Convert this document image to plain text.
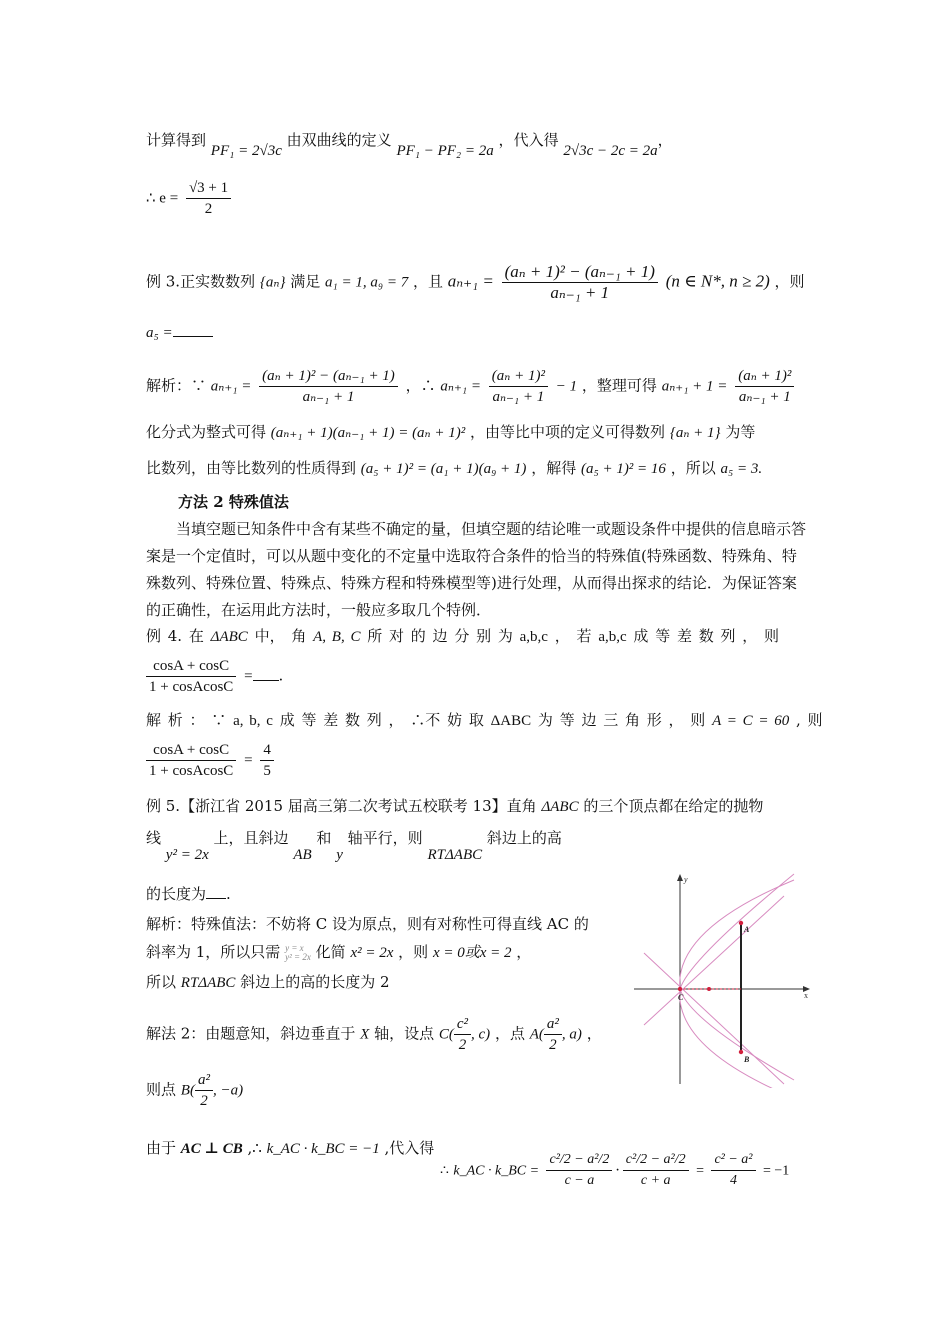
计算得到 PF₁ = 2√3c 由双曲线的定义 PF₁ − PF₂ = 2a ，代入得 2√3c − 2c = 2a，
∴ $e = \frac{√3 + 1}{2}$
例 3.正实数数列 {aₙ} 满足 a₁ = 1, a₉ = 7 ，且 $a_{n+1} = \frac{\text{(aₙ + 1)² − (aₙ₋₁ + 1)}}{\text{aₙ₋₁ + 1}} (n$ ∈ N*, n ≥ 2) ，则
a₅ =
解析：∵ $a_{n+1} = \frac{\text{(aₙ + 1)² − (aₙ₋₁ + 1)}}{\text{aₙ₋₁ + 1}}$ ，∴ $a_{n+1} = \frac{\text{(aₙ + 1)²}}{\text{aₙ₋₁ + 1}} - 1$ ，整理可得 $a_{n+1} + 1 = \frac{\text{(aₙ + 1)²}}{\text{aₙ₋₁ + 1}}$
化分式为整式可得 (aₙ₊₁ + 1)(aₙ₋₁ + 1) = (aₙ + 1)² ，由等比中项的定义可得数列 {aₙ + 1} 为等
比数列，由等比数列的性质得到 (a₅ + 1)² = (a₁ + 1)(a₉ + 1) ，解得 (a₅ + 1)² = 16 ，所以 a₅ = 3.
方法 2 特殊值法
当填空题已知条件中含有某些不确定的量，但填空题的结论唯一或题设条件中提供的信息暗示答案是一个定值时，可以从题中变化的不定量中选取符合条件的恰当的特殊值(特殊函数、特殊角、特殊数列、特殊位置、特殊点、特殊方程和特殊模型等)进行处理，从而得出探求的结论．为保证答案的正确性，在运用此方法时，一般应多取几个特例．
例 4. 在 ΔABC 中， 角 A, B, C 所 对 的 边 分 别 为 a,b,c ， 若 a,b,c 成 等 差 数 列 ， 则
$\frac{\cos A + \cos C}{\text{1 + cosAcosC}}$ = .
解 析 ： ∵ a, b, c 成 等 差 数 列 ， ∴不 妨 取 ΔABC 为 等 边 三 角 形 ， 则 A = C = 60 , 则
$\frac{\cos A + \cos C}{\text{1 + cosAcosC}} = \frac{4}{5}$
例 5.【浙江省 2015 届高三第二次考试五校联考 13】直角 ΔABC 的三个顶点都在给定的抛物
线 y² = 2x 上，且斜边 AB 和 y 轴平行，则 RTΔABC 斜边上的高
的长度为 .
解析：特殊值法：不妨将 C 设为原点，则有对称性可得直线 AC 的
斜率为 1，所以只需 y = x
y² = 2x 化简 x² = 2x ，则 x = 0或x = 2 ，
所以 RTΔABC 斜边上的高的长度为 2
解法 2：由题意知，斜边垂直于 X 轴，设点 $C( \frac{\text{c²}}{2}$ , c) ，点 $A( \frac{\text{a²}}{2}$ , a) ，
则点 $B( \frac{\text{a²}}{2}$ , −a)
由于 AC ⊥ CB ,∴ k_AC · k_BC = −1 ,代入得
∴ k_AC · k_BC = $\frac{\text{c²/2 − a²/2}}{c - a} \cdot \frac{\text{c²/2 − a²/2}}{c + a} = \frac{\text{c² − a²}}{4} = -1$
y
x
A
B
C
